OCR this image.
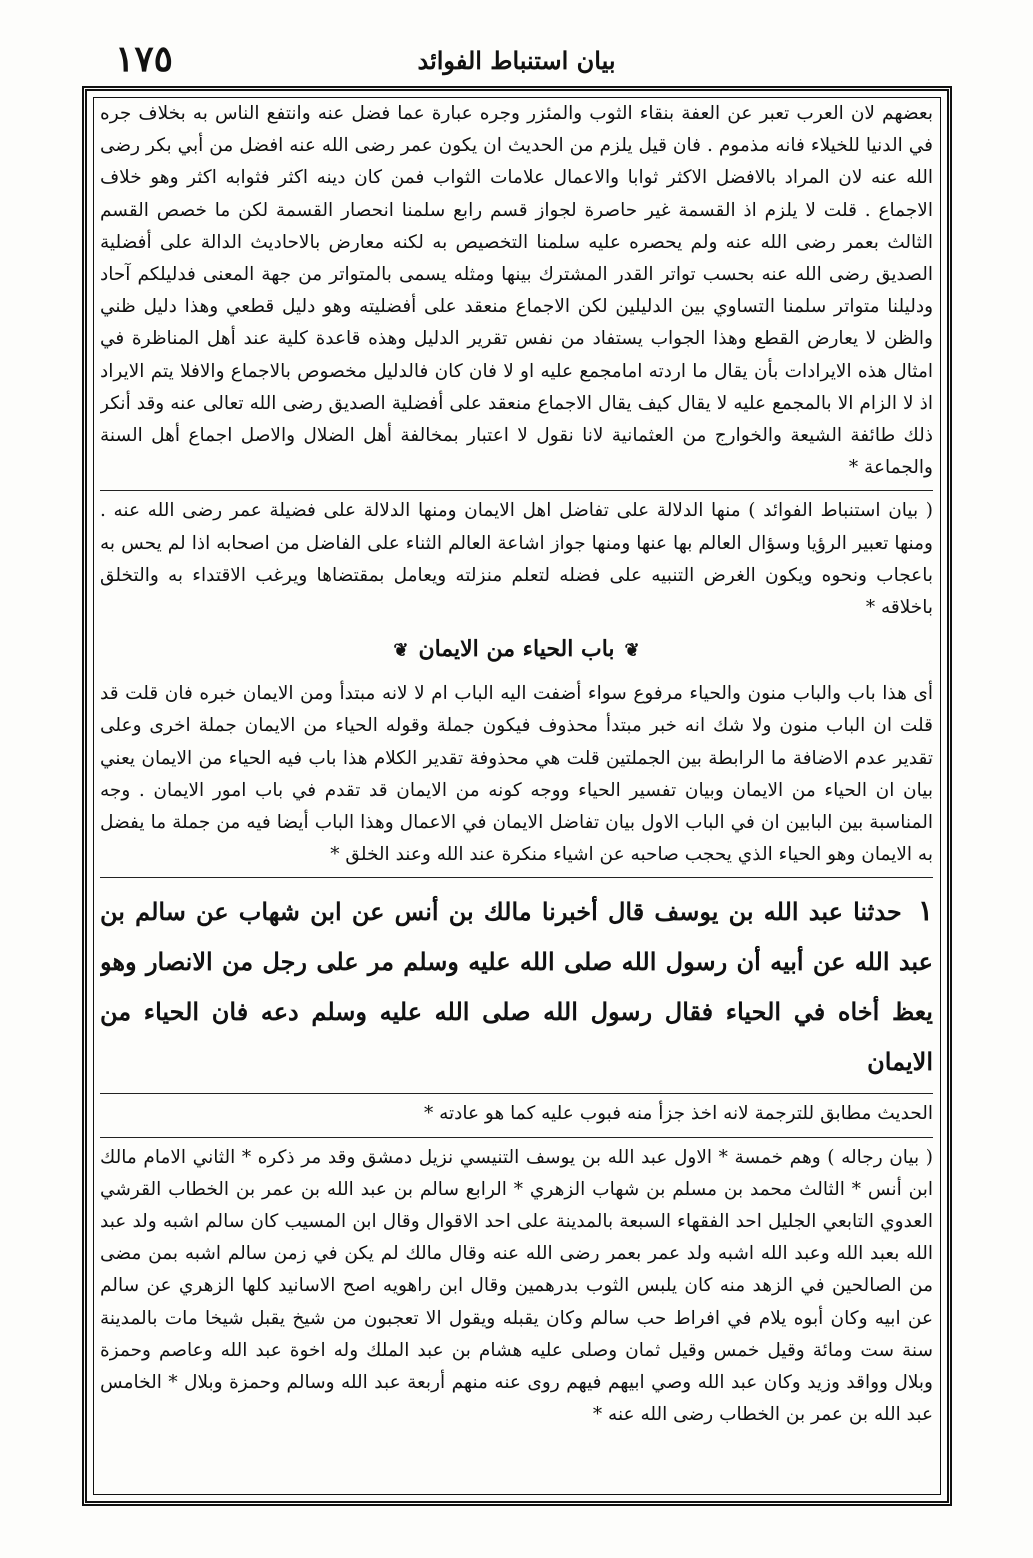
١٧٥	بيان استنباط الفوائد

بعضهم لان العرب تعبر عن العفة بنقاء الثوب والمئزر وجره عبارة عما فضل عنه وانتفع الناس به بخلاف جره في الدنيا للخيلاء فانه مذموم . فان قيل يلزم من الحديث ان يكون عمر رضى الله عنه افضل من أبي بكر رضى الله عنه لان المراد بالافضل الاكثر ثوابا والاعمال علامات الثواب فمن كان دينه اكثر فثوابه اكثر وهو خلاف الاجماع . قلت لا يلزم اذ القسمة غير حاصرة لجواز قسم رابع سلمنا انحصار القسمة لكن ما خصص القسم الثالث بعمر رضى الله عنه ولم يحصره عليه سلمنا التخصيص به لكنه معارض بالاحاديث الدالة على أفضلية الصديق رضى الله عنه بحسب تواتر القدر المشترك بينها ومثله يسمى بالمتواتر من جهة المعنى فدليلكم آحاد ودليلنا متواتر سلمنا التساوي بين الدليلين لكن الاجماع منعقد على أفضليته وهو دليل قطعي وهذا دليل ظني والظن لا يعارض القطع وهذا الجواب يستفاد من نفس تقرير الدليل وهذه قاعدة كلية عند أهل المناظرة في امثال هذه الايرادات بأن يقال ما اردته امامجمع عليه او لا فان كان فالدليل مخصوص بالاجماع والافلا يتم الايراد اذ لا الزام الا بالمجمع عليه لا يقال كيف يقال الاجماع منعقد على أفضلية الصديق رضى الله تعالى عنه وقد أنكر ذلك طائفة الشيعة والخوارج من العثمانية لانا نقول لا اعتبار بمخالفة أهل الضلال والاصل اجماع أهل السنة والجماعة *

( بيان استنباط الفوائد ) منها الدلالة على تفاضل اهل الايمان ومنها الدلالة على فضيلة عمر رضى الله عنه . ومنها تعبير الرؤيا وسؤال العالم بها عنها ومنها جواز اشاعة العالم الثناء على الفاضل من اصحابه اذا لم يحس به باعجاب ونحوه ويكون الغرض التنبيه على فضله لتعلم منزلته ويعامل بمقتضاها ويرغب الاقتداء به والتخلق باخلاقه *

❦باب الحياء من الايمان❦

أى هذا باب والباب منون والحياء مرفوع سواء أضفت اليه الباب ام لا لانه مبتدأ ومن الايمان خبره فان قلت قد قلت ان الباب منون ولا شك انه خبر مبتدأ محذوف فيكون جملة وقوله الحياء من الايمان جملة اخرى وعلى تقدير عدم الاضافة ما الرابطة بين الجملتين قلت هي محذوفة تقدير الكلام هذا باب فيه الحياء من الايمان يعني بيان ان الحياء من الايمان وبيان تفسير الحياء ووجه كونه من الايمان قد تقدم في باب امور الايمان . وجه المناسبة بين البابين ان في الباب الاول بيان تفاضل الايمان في الاعمال وهذا الباب أيضا فيه من جملة ما يفضل به الايمان وهو الحياء الذي يحجب صاحبه عن اشياء منكرة عند الله وعند الخلق *

١ حدثنا عبد الله بن يوسف قال أخبرنا مالك بن أنس عن ابن شهاب عن سالم بن عبد الله عن أبيه أن رسول الله صلى الله عليه وسلم مر على رجل من الانصار وهو يعظ أخاه في الحياء فقال رسول الله صلى الله عليه وسلم دعه فان الحياء من الايمان

الحديث مطابق للترجمة لانه اخذ جزأ منه فبوب عليه كما هو عادته *

( بيان رجاله ) وهم خمسة * الاول عبد الله بن يوسف التنيسي نزيل دمشق وقد مر ذكره * الثاني الامام مالك ابن أنس * الثالث محمد بن مسلم بن شهاب الزهري * الرابع سالم بن عبد الله بن عمر بن الخطاب القرشي العدوي التابعي الجليل احد الفقهاء السبعة بالمدينة على احد الاقوال وقال ابن المسيب كان سالم اشبه ولد عبد الله بعبد الله وعبد الله اشبه ولد عمر بعمر رضى الله عنه وقال مالك لم يكن في زمن سالم اشبه بمن مضى من الصالحين في الزهد منه كان يلبس الثوب بدرهمين وقال ابن راهويه اصح الاسانيد كلها الزهري عن سالم عن ابيه وكان أبوه يلام في افراط حب سالم وكان يقبله ويقول الا تعجبون من شيخ يقبل شيخا مات بالمدينة سنة ست ومائة وقيل خمس وقيل ثمان وصلى عليه هشام بن عبد الملك وله اخوة عبد الله وعاصم وحمزة وبلال وواقد وزيد وكان عبد الله وصي ابيهم فيهم روى عنه منهم أربعة عبد الله وسالم وحمزة وبلال * الخامس عبد الله بن عمر بن الخطاب رضى الله عنه *
